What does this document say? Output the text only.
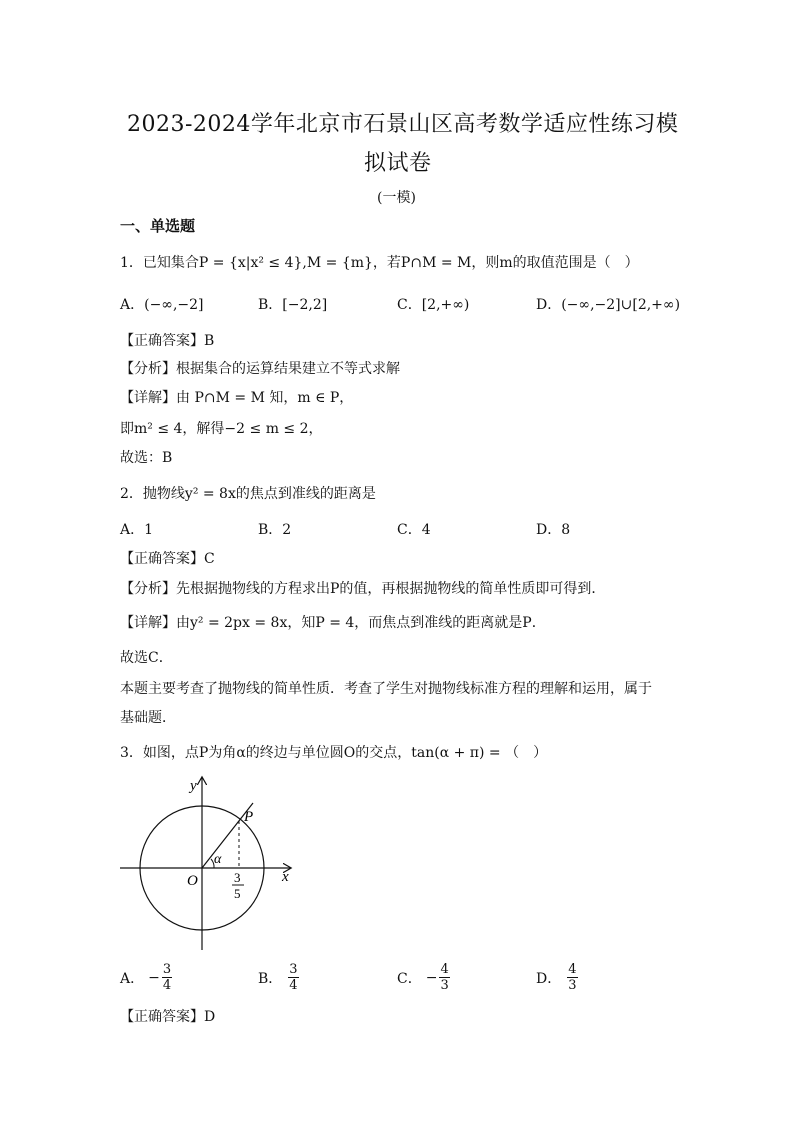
2023-2024学年北京市石景山区高考数学适应性练习模
拟试卷
(一模)
一、单选题
1．已知集合P = {x|x² ≤ 4},M = {m}，若P∩M = M，则m的取值范围是（　）
A．(−∞,−2]	B．[−2,2]	C．[2,+∞)	D．(−∞,−2]∪[2,+∞)
【正确答案】B
【分析】根据集合的运算结果建立不等式求解
【详解】由 P∩M = M 知，m ∈ P，
即m² ≤ 4，解得−2 ≤ m ≤ 2，
故选：B
2．抛物线y² = 8x的焦点到准线的距离是
A．1	B．2	C．4	D．8
【正确答案】C
【分析】先根据抛物线的方程求出P的值，再根据抛物线的简单性质即可得到．
【详解】由y² = 2px = 8x，知P = 4，而焦点到准线的距离就是P．
故选C．
本题主要考查了抛物线的简单性质．考查了学生对抛物线标准方程的理解和运用，属于
基础题．
3．如图，点P为角α的终边与单位圆O的交点，tan(α + π) = （　）
y
x
O
P
α
3
5
A． − $\frac{3}{4}$	B． $\frac{3}{4}$	C． − $\frac{4}{3}$	D． $\frac{4}{3}$
【正确答案】D
